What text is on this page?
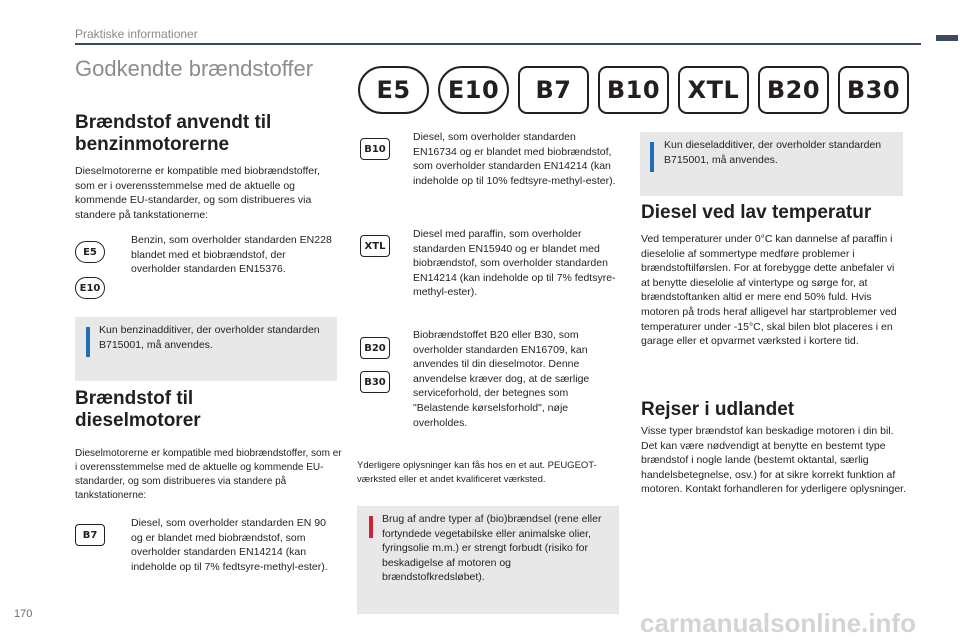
Praktiske informationer
Godkendte brændstoffer
E5	E10	B7	B10	XTL	B20	B30
Brændstof anvendt til
benzinmotorerne
Dieselmotorerne er kompatible med biobrændstoffer, som er i overensstemmelse med de aktuelle og kommende EU-standarder, og som distribueres via standere på tankstationerne:
E5
E10
Benzin, som overholder standarden EN228 blandet med et biobrændstof, der overholder standarden EN15376.
Kun benzinadditiver, der overholder standarden B715001, må anvendes.
Brændstof til
dieselmotorer
Dieselmotorerne er kompatible med biobrændstoffer, som er i overensstemmelse med de aktuelle og kommende EU-standarder, og som distribueres via standere på tankstationerne:
B7
Diesel, som overholder standarden EN 90 og er blandet med biobrændstof, som overholder standarden EN14214 (kan indeholde op til 7% fedtsyre-methyl-ester).
B10
Diesel, som overholder standarden EN16734 og er blandet med biobrændstof, som overholder standarden EN14214 (kan indeholde op til 10% fedtsyre-methyl-ester).
XTL
Diesel med paraffin, som overholder standarden EN15940 og er blandet med biobrændstof, som overholder standarden EN14214 (kan indeholde op til 7% fedtsyre-methyl-ester).
B20
B30
Biobrændstoffet B20 eller B30, som overholder standarden EN16709, kan anvendes til din dieselmotor. Denne anvendelse kræver dog, at de særlige serviceforhold, der betegnes som "Belastende kørselsforhold", nøje overholdes.
Yderligere oplysninger kan fås hos en et aut. PEUGEOT-værksted eller et andet kvalificeret værksted.
Brug af andre typer af (bio)brændsel (rene eller fortyndede vegetabilske eller animalske olier, fyringsolie m.m.) er strengt forbudt (risiko for beskadigelse af motoren og brændstofkredsløbet).
Kun dieseladditiver, der overholder standarden B715001, må anvendes.
Diesel ved lav temperatur
Ved temperaturer under 0°C kan dannelse af paraffin i dieselolie af sommertype medføre problemer i brændstoftilførslen. For at forebygge dette anbefaler vi at benytte dieselolie af vintertype og sørge for, at brændstoftanken altid er mere end 50% fuld. Hvis motoren på trods heraf alligevel har startproblemer ved temperaturer under -15°C, skal bilen blot placeres i en garage eller et opvarmet værksted i kortere tid.
Rejser i udlandet
Visse typer brændstof kan beskadige motoren i din bil. Det kan være nødvendigt at benytte en bestemt type brændstof i nogle lande (bestemt oktantal, særlig handelsbetegnelse, osv.) for at sikre korrekt funktion af motoren. Kontakt forhandleren for yderligere oplysninger.
170	carmanualsonline.info
